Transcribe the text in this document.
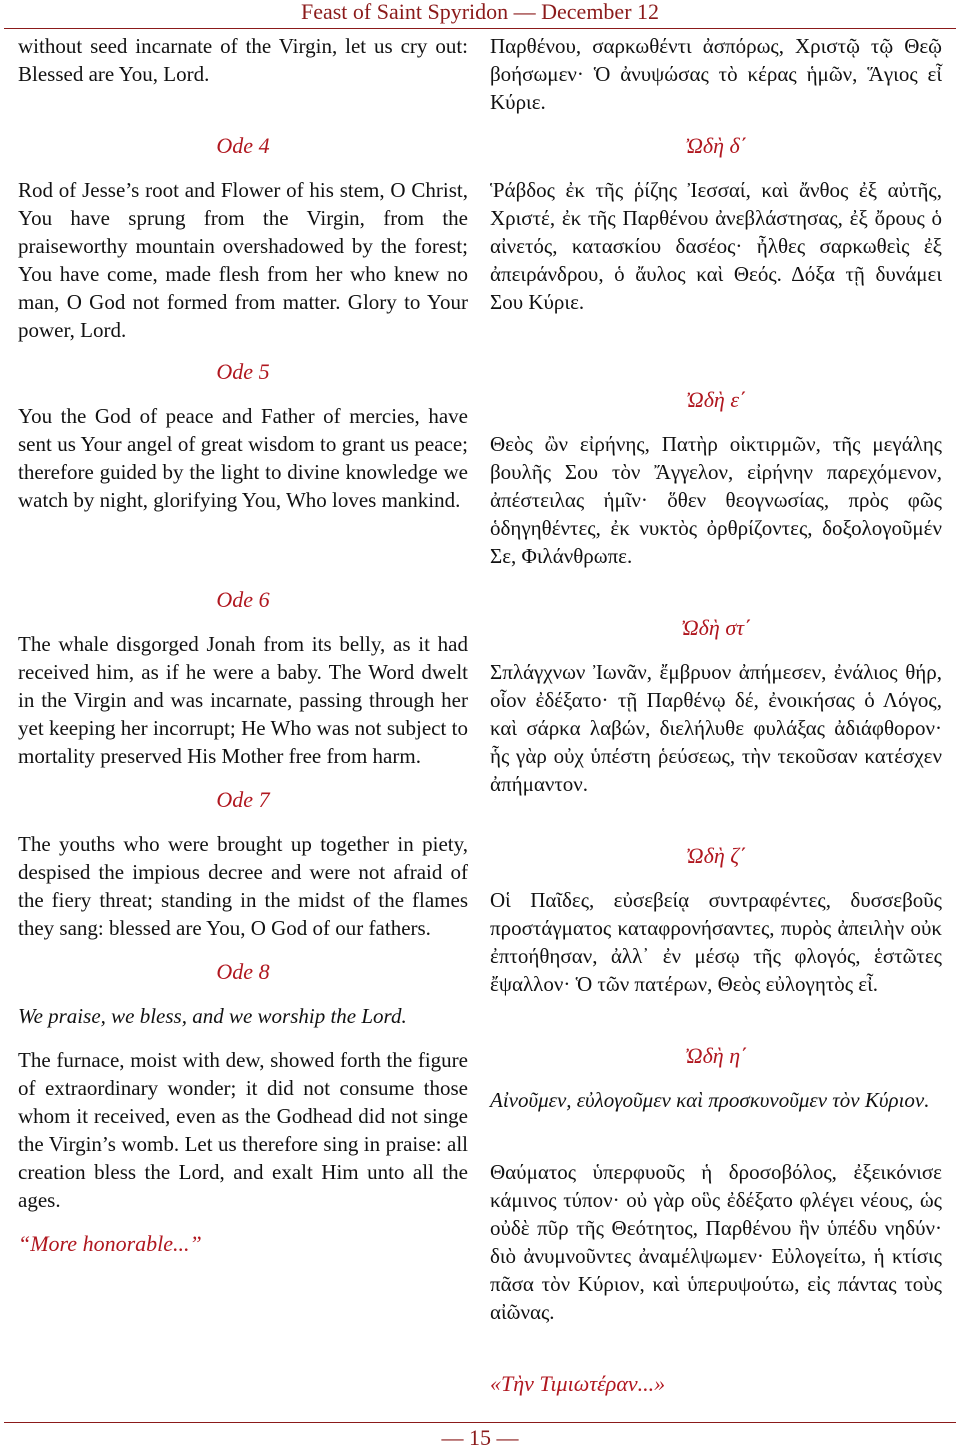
Feast of Saint Spyridon — December 12

without seed incarnate of the Virgin, let us cry out: Blessed are You, Lord.

Ode 4

Rod of Jesse’s root and Flower of his stem, O Christ, You have sprung from the Virgin, from the praiseworthy mountain overshadowed by the forest; You have come, made flesh from her who knew no man, O God not formed from matter. Glory to Your power, Lord.

Ode 5

You the God of peace and Father of mercies, have sent us Your angel of great wisdom to grant us peace; therefore guided by the light to divine knowledge we watch by night, glorifying You, Who loves mankind.

Ode 6

The whale disgorged Jonah from its belly, as it had received him, as if he were a baby. The Word dwelt in the Virgin and was incarnate, passing through her yet keeping her incorrupt; He Who was not subject to mortality preserved His Mother free from harm.

Ode 7

The youths who were brought up together in piety, despised the impious decree and were not afraid of the fiery threat; standing in the midst of the flames they sang: blessed are You, O God of our fathers.

Ode 8

We praise, we bless, and we worship the Lord.

The furnace, moist with dew, showed forth the figure of extraordinary wonder; it did not consume those whom it received, even as the Godhead did not singe the Virgin’s womb. Let us therefore sing in praise: all creation bless the Lord, and exalt Him unto all the ages.

“More honorable...”

Παρθένου, σαρκωθέντι ἀσπόρως, Χριστῷ τῷ Θεῷ βοήσωμεν· Ὁ ἀνυψώσας τὸ κέρας ἡμῶν, Ἅγιος εἶ Κύριε.

Ὠδὴ δ΄

Ῥάβδος ἐκ τῆς ῥίζης Ἰεσσαί, καὶ ἄνθος ἐξ αὐτῆς, Χριστέ, ἐκ τῆς Παρθένου ἀνεβλάστησας, ἐξ ὄρους ὁ αἰνετός, κατασκίου δασέος· ἦλθες σαρκωθεὶς ἐξ ἀπειράνδρου, ὁ ἄυλος καὶ Θεός. Δόξα τῇ δυνάμει Σου Κύριε.

Ὠδὴ ε΄

Θεὸς ὢν εἰρήνης, Πατὴρ οἰκτιρμῶν, τῆς μεγάλης βουλῆς Σου τὸν Ἄγγελον, εἰρήνην παρεχόμενον, ἀπέστειλας ἡμῖν· ὅθεν θεογνωσίας, πρὸς φῶς ὁδηγηθέντες, ἐκ νυκτὸς ὀρθρίζοντες, δοξολογοῦμέν Σε, Φιλάνθρωπε.

Ὠδὴ στ΄

Σπλάγχνων Ἰωνᾶν, ἔμβρυον ἀπήμεσεν, ἐνάλιος θήρ, οἷον ἐδέξατο· τῇ Παρθένῳ δέ, ἐνοικήσας ὁ Λόγος, καὶ σάρκα λαβών, διελήλυθε φυλάξας ἀδιάφθορον· ἧς γὰρ οὐχ ὑπέστη ῥεύσεως, τὴν τεκοῦσαν κατέσχεν ἀπήμαντον.

Ὠδὴ ζ΄

Οἱ Παῖδες, εὐσεβείᾳ συντραφέντες, δυσσεβοῦς προστάγματος καταφρονήσαντες, πυρὸς ἀπειλὴν οὐκ ἐπτοήθησαν, ἀλλ᾽ ἐν μέσῳ τῆς φλογός, ἑστῶτες ἔψαλλον· Ὁ τῶν πατέρων, Θεὸς εὐλογητὸς εἶ.

Ὠδὴ η΄

Αἰνοῦμεν, εὐλογοῦμεν καὶ προσκυνοῦμεν τὸν Κύριον.

Θαύματος ὑπερφυοῦς ἡ δροσοβόλος, ἐξεικόνισε κάμινος τύπον· οὐ γὰρ οὓς ἐδέξατο φλέγει νέους, ὡς οὐδὲ πῦρ τῆς Θεότητος, Παρθένου ἣν ὑπέδυ νηδύν· διὸ ἀνυμνοῦντες ἀναμέλψωμεν· Εὐλογείτω, ἡ κτίσις πᾶσα τὸν Κύριον, καὶ ὑπερυψούτω, εἰς πάντας τοὺς αἰῶνας.

«Τὴν Τιμιωτέραν...»

— 15 —
